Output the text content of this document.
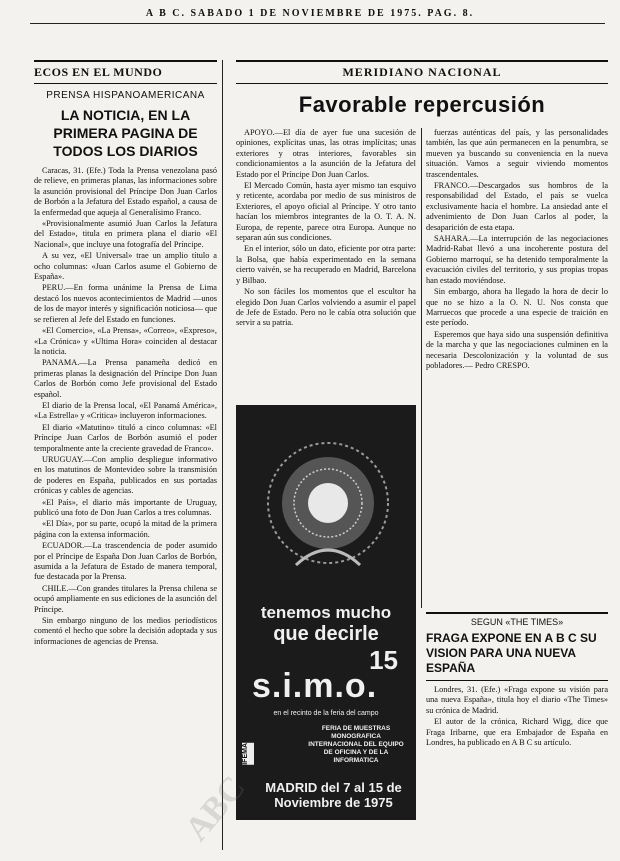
A B C. SABADO 1 DE NOVIEMBRE DE 1975. PAG. 8.
ECOS EN EL MUNDO
PRENSA HISPANOAMERICANA
LA NOTICIA, EN LA PRIMERA PAGINA DE TODOS LOS DIARIOS

Caracas, 31. (Efe.) Toda la Prensa venezolana pasó de relieve, en primeras planas, las informaciones sobre la asunción provisional del Príncipe Don Juan Carlos de Borbón a la Jefatura del Estado español, a causa de la enfermedad que aqueja al Generalísimo Franco.

«Provisionalmente asumió Juan Carlos la Jefatura del Estado», titula en primera plana el diario «El Nacional», que incluye una fotografía del Príncipe.

A su vez, «El Universal» trae un amplio título a ocho columnas: «Juan Carlos asume el Gobierno de España».

PERU.—En forma unánime la Prensa de Lima destacó los nuevos acontecimientos de Madrid —unos de los de mayor interés y significación noticiosa— que se refieren al Jefe del Estado en funciones.

«El Comercio», «La Prensa», «Correo», «Expreso», «La Crónica» y «Ultima Hora» coinciden al destacar la noticia.

PANAMA.—La Prensa panameña dedicó en primeras planas la designación del Príncipe Don Juan Carlos de Borbón como Jefe provisional del Estado español.

El diario de la Prensa local, «El Panamá América», «La Estrella» y «Critica» incluyeron informaciones.

El diario «Matutino» tituló a cinco columnas: «El Príncipe Juan Carlos de Borbón asumió el poder temporalmente ante la creciente gravedad de Franco».

URUGUAY.—Con amplio despliegue informativo en los matutinos de Montevideo sobre la transmisión de poderes en España, publicados en sus portadas crónicas y cables de agencias.

«El País», el diario más importante de Uruguay, publicó una foto de Don Juan Carlos a tres columnas.

«El Día», por su parte, ocupó la mitad de la primera página con la extensa información.

ECUADOR.—La trascendencia de poder asumido por el Príncipe de España Don Juan Carlos de Borbón, asumida a la Jefatura de Estado de manera temporal, fue destacada por la Prensa.

CHILE.—Con grandes titulares la Prensa chilena se ocupó ampliamente en sus ediciones de la asunción del Príncipe.

Sin embargo ninguno de los medios periodísticos comentó el hecho que sobre la decisión adoptada y sus informaciones de agencias de Prensa.

MERIDIANO NACIONAL
Favorable repercusión

APOYO.—El día de ayer fue una sucesión de opiniones, explícitas unas, las otras implícitas; unas exteriores y otras interiores, favorables sin condicionamientos a la asunción de la Jefatura del Estado por el Príncipe Don Juan Carlos.

El Mercado Común, hasta ayer mismo tan esquivo y reticente, acordaba por medio de sus ministros de Exteriores, el apoyo oficial al Príncipe. Y otro tanto hacían los miembros integrantes de la O. T. A. N. Europa, de repente, parece otra Europa. Aunque no separan aún sus condiciones.

En el interior, sólo un dato, eficiente por otra parte: la Bolsa, que había experimentado en la semana cierto vaivén, se ha recuperado en Madrid, Barcelona y Bilbao.

No son fáciles los momentos que el escultor ha elegido Don Juan Carlos volviendo a asumir el papel de Jefe de Estado. Pero no le cabía otra solución que servir a su patria.

fuerzas auténticas del país, y las personalidades también, las que aún permanecen en la penumbra, se mueven ya buscando su conveniencia en la nueva situación. Vamos a seguir viviendo momentos trascendentales.

FRANCO.—Descargados sus hombros de la responsabilidad del Estado, el país se vuelca exclusivamente hacia el hombre. La ansiedad ante el advenimiento de Don Juan Carlos al poder, la desaparición de esta etapa.

SAHARA.—La interrupción de las negociaciones Madrid-Rabat llevó a una incoherente postura del Gobierno marroquí, se ha detenido temporalmente la evacuación civiles del territorio, y sus propias tropas han estado moviéndose.

Sin embargo, ahora ha llegado la hora de decir lo que no se hizo a la O. N. U. Nos consta que Marruecos que procede a una especie de traición en este período.

Esperemos que haya sido una suspensión definitiva de la marcha y que las negociaciones culminen en la necesaria Descolonización y la voluntad de sus pobladores.— Pedro CRESPO.

tenemos mucho
que decirle
15
s.i.m.o.
en el recinto de la feria del campo
IFEMA
FERIA DE MUESTRAS MONOGRAFICA INTERNACIONAL DEL EQUIPO DE OFICINA Y DE LA INFORMATICA
MADRID del 7 al 15 de Noviembre de 1975
SEGUN «THE TIMES»
FRAGA EXPONE EN A B C SU VISION PARA UNA NUEVA ESPAÑA

Londres, 31. (Efe.) «Fraga expone su visión para una nueva España», titula hoy el diario «The Times» su crónica de Madrid.

El autor de la crónica, Richard Wigg, dice que Fraga Iribarne, que era Embajador de España en Londres, ha publicado en A B C su artículo.

ABC
